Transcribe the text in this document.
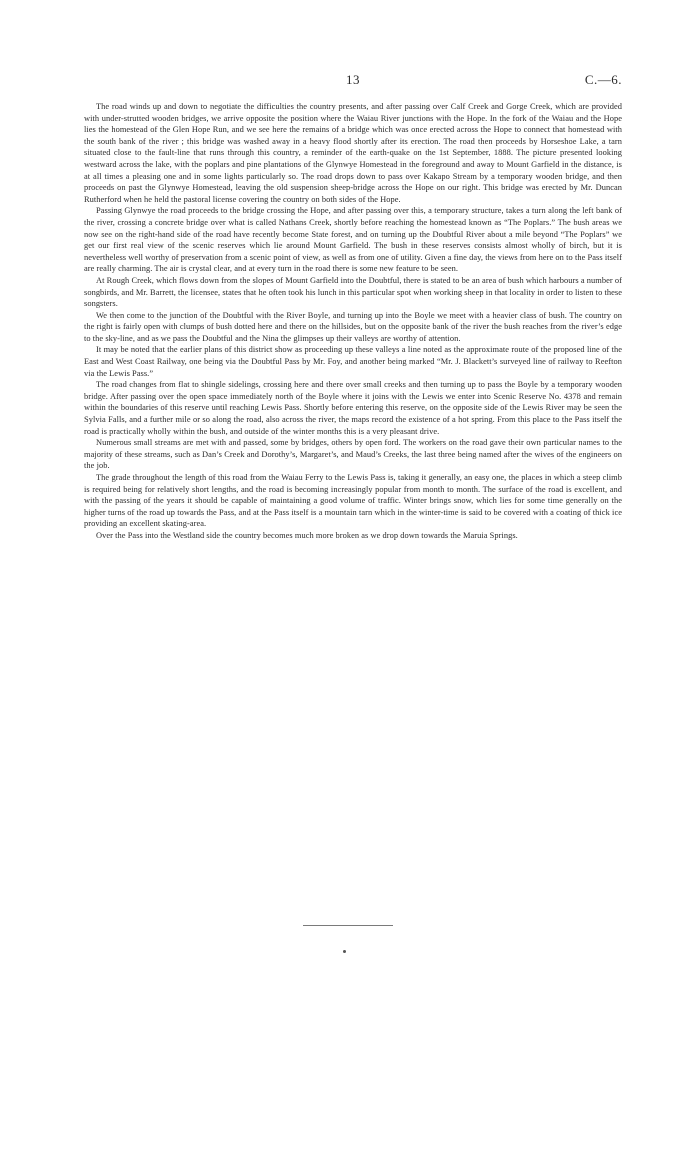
13	C.—6.

The road winds up and down to negotiate the difficulties the country presents, and after passing over Calf Creek and Gorge Creek, which are provided with under-strutted wooden bridges, we arrive opposite the position where the Waiau River junctions with the Hope. In the fork of the Waiau and the Hope lies the homestead of the Glen Hope Run, and we see here the remains of a bridge which was once erected across the Hope to connect that homestead with the south bank of the river ; this bridge was washed away in a heavy flood shortly after its erection. The road then proceeds by Horseshoe Lake, a tarn situated close to the fault-line that runs through this country, a reminder of the earth-quake on the 1st September, 1888. The picture presented looking westward across the lake, with the poplars and pine plantations of the Glynwye Homestead in the foreground and away to Mount Garfield in the distance, is at all times a pleasing one and in some lights particularly so. The road drops down to pass over Kakapo Stream by a temporary wooden bridge, and then proceeds on past the Glynwye Homestead, leaving the old suspension sheep-bridge across the Hope on our right. This bridge was erected by Mr. Duncan Rutherford when he held the pastoral license covering the country on both sides of the Hope.

Passing Glynwye the road proceeds to the bridge crossing the Hope, and after passing over this, a temporary structure, takes a turn along the left bank of the river, crossing a concrete bridge over what is called Nathans Creek, shortly before reaching the homestead known as “The Poplars.” The bush areas we now see on the right-hand side of the road have recently become State forest, and on turning up the Doubtful River about a mile beyond “The Poplars” we get our first real view of the scenic reserves which lie around Mount Garfield. The bush in these reserves consists almost wholly of birch, but it is nevertheless well worthy of preservation from a scenic point of view, as well as from one of utility. Given a fine day, the views from here on to the Pass itself are really charming. The air is crystal clear, and at every turn in the road there is some new feature to be seen.

At Rough Creek, which flows down from the slopes of Mount Garfield into the Doubtful, there is stated to be an area of bush which harbours a number of songbirds, and Mr. Barrett, the licensee, states that he often took his lunch in this particular spot when working sheep in that locality in order to listen to these songsters.

We then come to the junction of the Doubtful with the River Boyle, and turning up into the Boyle we meet with a heavier class of bush. The country on the right is fairly open with clumps of bush dotted here and there on the hillsides, but on the opposite bank of the river the bush reaches from the river’s edge to the sky-line, and as we pass the Doubtful and the Nina the glimpses up their valleys are worthy of attention.

It may be noted that the earlier plans of this district show as proceeding up these valleys a line noted as the approximate route of the proposed line of the East and West Coast Railway, one being via the Doubtful Pass by Mr. Foy, and another being marked “Mr. J. Blackett’s surveyed line of railway to Reefton via the Lewis Pass.”

The road changes from flat to shingle sidelings, crossing here and there over small creeks and then turning up to pass the Boyle by a temporary wooden bridge. After passing over the open space immediately north of the Boyle where it joins with the Lewis we enter into Scenic Reserve No. 4378 and remain within the boundaries of this reserve until reaching Lewis Pass. Shortly before entering this reserve, on the opposite side of the Lewis River may be seen the Sylvia Falls, and a further mile or so along the road, also across the river, the maps record the existence of a hot spring. From this place to the Pass itself the road is practically wholly within the bush, and outside of the winter months this is a very pleasant drive.

Numerous small streams are met with and passed, some by bridges, others by open ford. The workers on the road gave their own particular names to the majority of these streams, such as Dan’s Creek and Dorothy’s, Margaret’s, and Maud’s Creeks, the last three being named after the wives of the engineers on the job.

The grade throughout the length of this road from the Waiau Ferry to the Lewis Pass is, taking it generally, an easy one, the places in which a steep climb is required being for relatively short lengths, and the road is becoming increasingly popular from month to month. The surface of the road is excellent, and with the passing of the years it should be capable of maintaining a good volume of traffic. Winter brings snow, which lies for some time generally on the higher turns of the road up towards the Pass, and at the Pass itself is a mountain tarn which in the winter-time is said to be covered with a coating of thick ice providing an excellent skating-area.

Over the Pass into the Westland side the country becomes much more broken as we drop down towards the Maruia Springs.
